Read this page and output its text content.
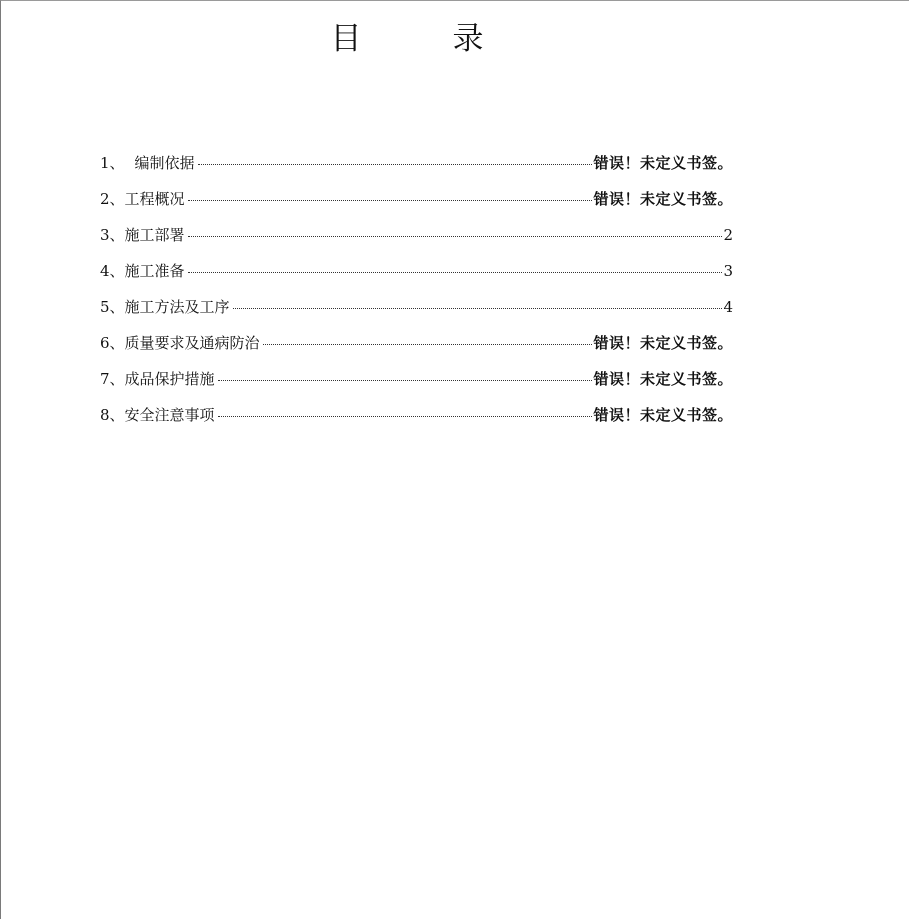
目　录
1、 编制依据	错误！未定义书签。
2、 工程概况	错误！未定义书签。
3、 施工部署	2
4、 施工准备	3
5、 施工方法及工序	4
6、 质量要求及通病防治	错误！未定义书签。
7、 成品保护措施	错误！未定义书签。
8、 安全注意事项	错误！未定义书签。
